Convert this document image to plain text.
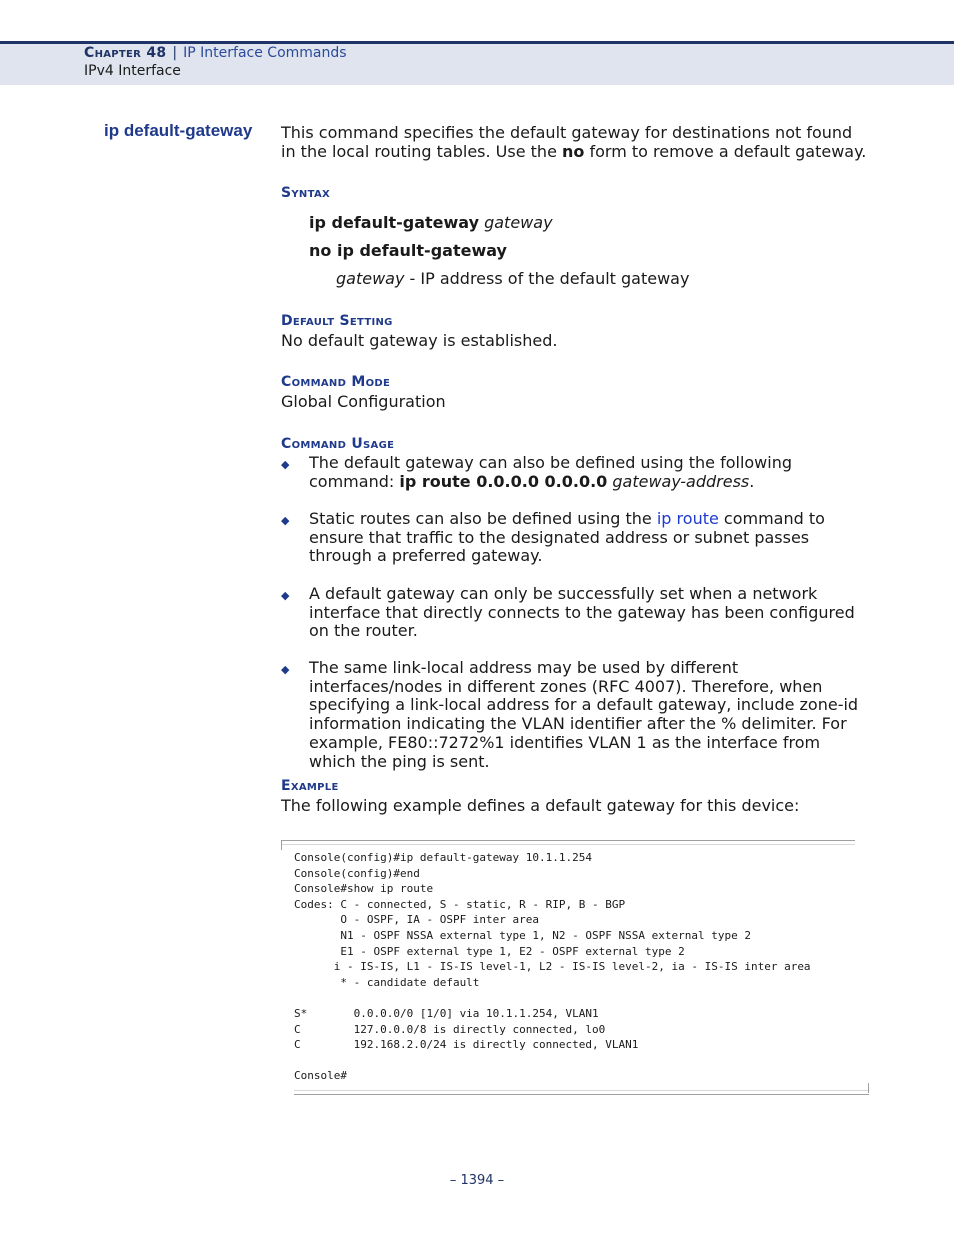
Chapter 48 | IP Interface Commands
IPv4 Interface
ip default-gateway This command specifies the default gateway for destinations not found in the local routing tables. Use the no form to remove a default gateway.
Syntax
ip default-gateway gateway
no ip default-gateway
gateway - IP address of the default gateway
Default Setting
No default gateway is established.
Command Mode
Global Configuration
Command Usage
◆ The default gateway can also be defined using the following command: ip route 0.0.0.0 0.0.0.0 gateway-address.
◆ Static routes can also be defined using the ip route command to ensure that traffic to the designated address or subnet passes through a preferred gateway.
◆ A default gateway can only be successfully set when a network interface that directly connects to the gateway has been configured on the router.
◆ The same link-local address may be used by different interfaces/nodes in different zones (RFC 4007). Therefore, when specifying a link-local address for a default gateway, include zone-id information indicating the VLAN identifier after the % delimiter. For example, FE80::7272%1 identifies VLAN 1 as the interface from which the ping is sent.
Example
The following example defines a default gateway for this device:
Console(config)#ip default-gateway 10.1.1.254
Console(config)#end
Console#show ip route
Codes: C - connected, S - static, R - RIP, B - BGP
O - OSPF, IA - OSPF inter area
N1 - OSPF NSSA external type 1, N2 - OSPF NSSA external type 2
E1 - OSPF external type 1, E2 - OSPF external type 2
i - IS-IS, L1 - IS-IS level-1, L2 - IS-IS level-2, ia - IS-IS inter area
* - candidate default

S*       0.0.0.0/0 [1/0] via 10.1.1.254, VLAN1
C        127.0.0.0/8 is directly connected, lo0
C        192.168.2.0/24 is directly connected, VLAN1

Console#
– 1394 –
